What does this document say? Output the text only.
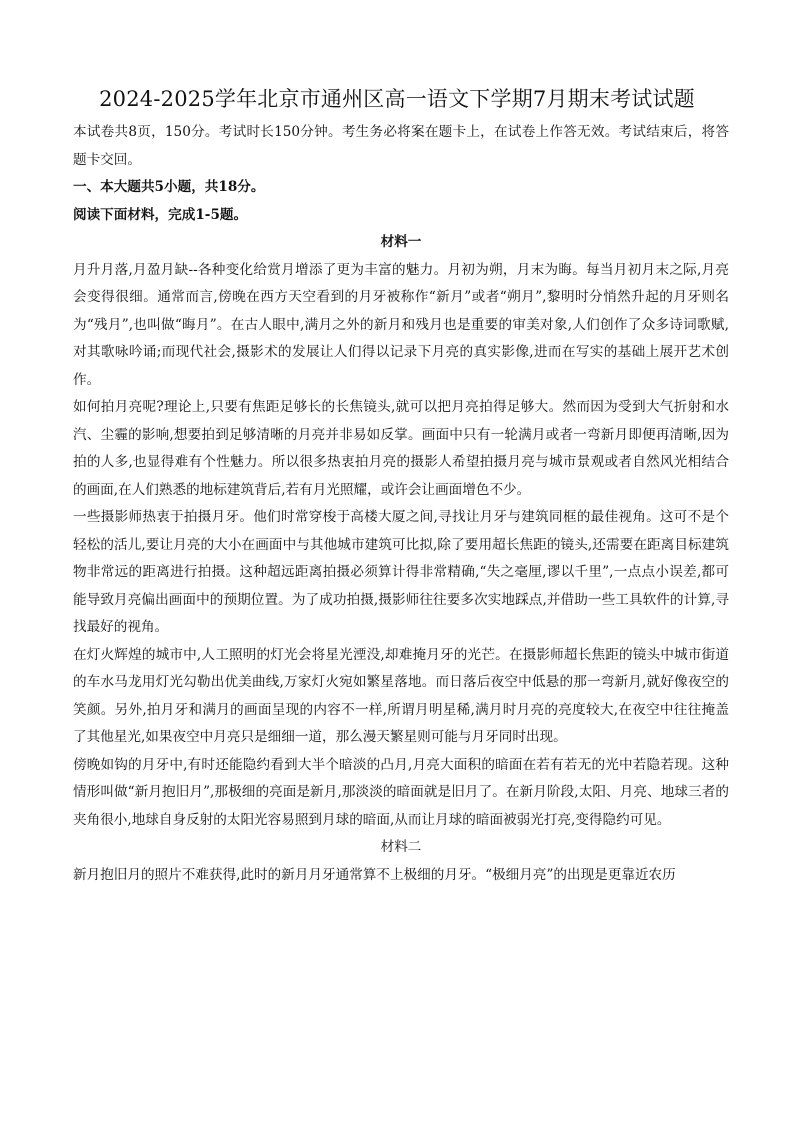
2024-2025学年北京市通州区高一语文下学期7月期末考试试题

本试卷共8页，150分。考试时长150分钟。考生务必将案在题卡上，在试卷上作答无效。考试结束后，将答题卡交回。

一、本大题共5小题，共18分。

阅读下面材料，完成1-5题。

材料一

月升月落,月盈月缺--各种变化给赏月增添了更为丰富的魅力。月初为朔，月末为晦。每当月初月末之际,月亮会变得很细。通常而言,傍晚在西方天空看到的月牙被称作“新月”或者“朔月”,黎明时分悄然升起的月牙则名为“残月”,也叫做“晦月”。在古人眼中,满月之外的新月和残月也是重要的审美对象,人们创作了众多诗词歌赋,对其歌咏吟诵;而现代社会,摄影术的发展让人们得以记录下月亮的真实影像,进而在写实的基础上展开艺术创作。

如何拍月亮呢?理论上,只要有焦距足够长的长焦镜头,就可以把月亮拍得足够大。然而因为受到大气折射和水汽、尘霾的影响,想要拍到足够清晰的月亮并非易如反掌。画面中只有一轮满月或者一弯新月即便再清晰,因为拍的人多,也显得难有个性魅力。所以很多热衷拍月亮的摄影人希望拍摄月亮与城市景观或者自然风光相结合的画面,在人们熟悉的地标建筑背后,若有月光照耀，或许会让画面增色不少。

一些摄影师热衷于拍摄月牙。他们时常穿梭于高楼大厦之间,寻找让月牙与建筑同框的最佳视角。这可不是个轻松的活儿,要让月亮的大小在画面中与其他城市建筑可比拟,除了要用超长焦距的镜头,还需要在距离目标建筑物非常远的距离进行拍摄。这种超远距离拍摄必须算计得非常精确,“失之毫厘,谬以千里”,一点点小误差,都可能导致月亮偏出画面中的预期位置。为了成功拍摄,摄影师往往要多次实地踩点,并借助一些工具软件的计算,寻找最好的视角。

在灯火辉煌的城市中,人工照明的灯光会将星光湮没,却难掩月牙的光芒。在摄影师超长焦距的镜头中城市街道的车水马龙用灯光勾勒出优美曲线,万家灯火宛如繁星落地。而日落后夜空中低悬的那一弯新月,就好像夜空的笑颜。另外,拍月牙和满月的画面呈现的内容不一样,所谓月明星稀,满月时月亮的亮度较大,在夜空中往往掩盖了其他星光,如果夜空中月亮只是细细一道，那么漫天繁星则可能与月牙同时出现。

傍晚如钩的月牙中,有时还能隐约看到大半个暗淡的凸月,月亮大面积的暗面在若有若无的光中若隐若现。这种情形叫做“新月抱旧月”,那极细的亮面是新月,那淡淡的暗面就是旧月了。在新月阶段,太阳、月亮、地球三者的夹角很小,地球自身反射的太阳光容易照到月球的暗面,从而让月球的暗面被弱光打亮,变得隐约可见。

材料二

新月抱旧月的照片不难获得,此时的新月月牙通常算不上极细的月牙。“极细月亮”的出现是更靠近农历
